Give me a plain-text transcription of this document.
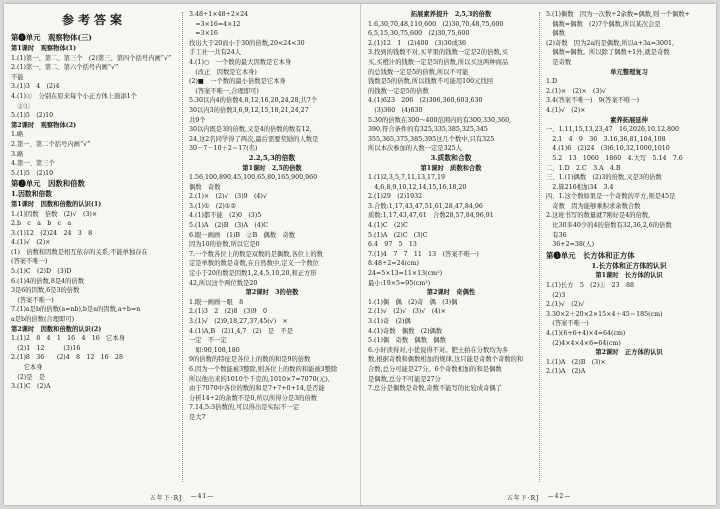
参考答案
第❶单元　观察物体(三)
第1课时　观察物体(1)
1.(1)第一、第二、第三个　(2)第三、第四个括号内画“√”
2.(1)第一、第二、第六个括号内画“√”
不能
3.(1)3　4　(2)4
4.(1)①　分别在原来每个小正方体上面添1个
　②①
5.(1)5　(2)10
第2课时　观察物体(2)
1.略
2.第一、第二个括号内画“√”
3.略
4.第一、第三个
5.(1)5　(2)10
第❷单元　因数和倍数
1.因数和倍数
第1课时　因数和倍数的认识(1)
1.(1)因数　倍数　(2)√　(3)×
2.b　c　a　b　c　a
3.(1)12　(2)24　24　3　8
4.(1)√　(2)×
(1)　倍数和因数是相互依存的关系,不能单独存在
(答案不唯一)
5.(1)C　(2)D　(3)D
6.(1)4的倍数,8是4的倍数
3是6的因数,6是3的倍数
　(答案不唯一)
7.(1)a是b的倍数(a=nb),b是a的因数,a÷b=n
a是b的倍数(合理即可)
第2课时　因数和倍数的认识(2)
1.(1)2　8　4　1　16　4　16　它本身
　(2)1　12　　　(3)16
2.(1)8　36　　(2)4　8　12　16　28
　　它本身　　　
　(2)是　是
3.(1)C　(2)A
3.48÷1×48÷2×24
　=3×16=4×12
　=3×16
找出大于20而小于30的倍数,20<24<30
手工社一共有24人
4.(1)○　一个数的最大因数是它本身
　(改正　因数是它本身)
(2)■　一个数的最小倍数是它本身
　(答案不唯一,合理即可)
5.30以内4的倍数4,8,12,16,20,24,28,共7个
30以内3的倍数3,6,9,12,15,18,21,24,27
共9个
30以内既是3的倍数,又是4的倍数的数有12,
24,这2名同学得了两次,最后需要奖励的人数是
30－7－10＋2＝17(名)
2.2,5,3的倍数
第1课时　2,5的倍数
1.56,100,890,45,100,65,80,165,900,960
偶数　奇数
2.(1)×　(2)√　(3)9　(4)√
3.(1)①　(2)①②
4.(1)都不能　(2)0　(3)5
5.(1)A　(2)B　(3)A　(4)C
6.眼一画画　(1)B　②B　偶数　奇数
因为10的倍数,所以它是0
7.一个数各位上的数是双数的是偶数,各位上的数
定是单数的数是奇数,在自然数中,定义一个数位
定小于20的数是因数1,2,4,5,10,20,和正方形
42,所以这个两位数是20
第2课时　3的倍数
1.眼一画画一眼　8
2.(1)3　2　(2)8　(3)9　0
3.(1)√　(2)9,18,27,37,45(√)　×
4.(1)A,B　(2)1,4,7　(2)　是　不是
一定　不一定
　如:90,108,180
9的倍数的特征是各位上的数的和是9的倍数
6.因为一个数能被3整除,则各位上的数的和能被3整除
所以他出来的1010个千克的,1010×7=7070(元),
由于7070中各位的数的和是7+7+0+14,是否能
分析14÷2的余数不是0,所以所得分是3的倍数
7.14,5:3倍数的,可以得出是实际不一定
是大7
五年下·RJ —41—
拓展素养提升　2,5,3的倍数
1.6,30,70,48,110,600　(2)30,70,48,75,600
6,5,15,30,75,600　(2)30,75,600
2.(1)12　1　(2)400　(3)30或36
3.找到的钱数不对,买苹果的钱数一定是2的倍数,买
买,买橙汁的钱数一定是5的倍数,所以买这两种商品
的总钱数一定是5的倍数,所以不可能
钱数是5的倍数,所以钱数不可能用100元找回
的钱数一定是5的倍数
4.(1)623　206　(2)306,360,603,630
　(3)360　(4)630
5.30的倍数在300～400范围内的有300,330,360,
390,符合条件的有325,335,385,325,345
355,365,375,385,395这几个数中,只有325
所以本次参加的人数一定是325人
3.质数和合数
第1课时　质数和合数
1.(1)2,3,5,7,11,13,17,19
　4,6,8,9,10,12,14,15,16,18,20
2.(1)29　(2)1932
3.合数:1,17,43,47,51,61,28,47,84,96
质数:1,17,43,47,61　合数28,57,84,96,91
4.(1)C　(2)C
5.(1)A　(2)C　(3)C
6.4　97　5　13
7.(1)4　7　7　11　13　(答案不唯一)
8.48÷2=24(cm)
24=5×13=11×13(cm²)
最小:19×5=95(cm²)
第2课时　奇偶性
1.(1)偶　偶　(2)奇　偶　(3)偶
2.(1)√　(2)√　(3)√　(4)×
3.(1)奇　(2)偶
4.(1)奇数　偶数　(2)偶数
5.(1)偶　奇数　偶数　偶数
6.小轩读得对,小优说得不对。肥土拍在分数均为多
数,根据奇数和偶数相加的规律,这只能是奇数个奇数的和
合数,总分可能是27分。6个奇数相加的和是偶数
是偶数,总分不可能是27分
7.总分是偶数是奇数,奇数不能写的比较成奇偶了
5.(1)偶数　因为一次数÷2余数=偶数,则一个偶数+
　偶数=偶数　(2)7个偶数,所以某次会是
　偶数
(2)奇数　因为2a的是偶数,所以a+3a=3001,
　偶数=偶数。所以除了偶数+1外,就是奇数
　是奇数
单元整理复习
1.D
2.(1)×　(2)×　(3)√
3.4(答案不唯一)　9(答案不唯一)
4.(1)√　(2)×
素养拓展延伸
一、1.11,15,13,23,47　16,2026,10,12,800
　2.1　4　9　36　3.16,36,81,104,108
　4.(1)6　(2)24　(3)6,10,32,1000,1010
　5.2　13　1060　1860　4.大写　5.14　7.6
二、1.D　2.C　3.A　4.B
三、1.(1)偶数　(2)3的倍数,又是3的倍数
　2.算216相加34　3.4
四、1.这个数如果是一个奇数的平方,则是45是
　奇数　因为能够乘积求余数合数
2.这班书写的数量就7刚好是4的倍数,
　比30多40少的4的倍数有32,36,2,6的倍数
　有36
　36+2=38(人)
第❸单元　长方体和正方体
1.长方体和正方体的认识
第1课时　长方体的认识
1.(1)长方　5　(2)①　23　88
　(2)3
2.(1)√　(2)√
3.30×2＋20×2×15×4＋45＝185(cm)
　(答案不唯一)
4.(1)(6+6+4)×4=64(cm)
　(2)4×4×4×6=64(cm)
第2课时　正方体的认识
1.(1)A　(2)B　(3)×
2.(1)A　(2)A
五年下·RJ —42—
